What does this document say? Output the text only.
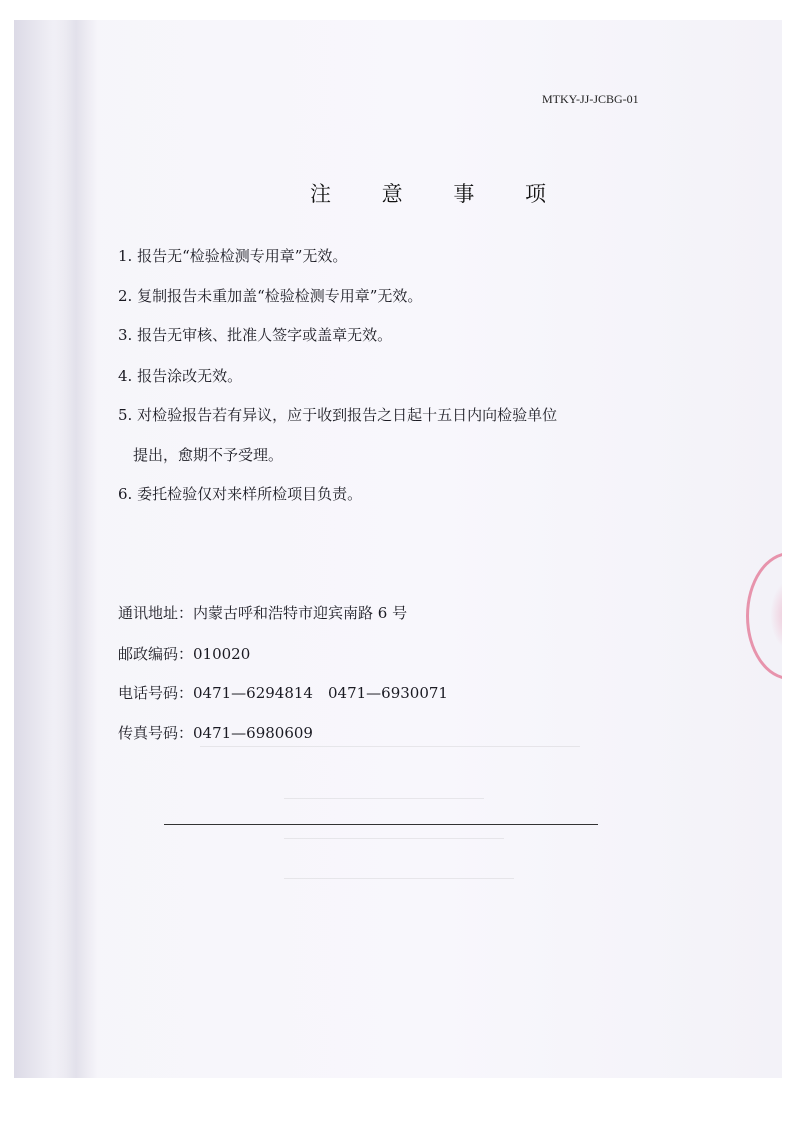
MTKY-JJ-JCBG-01
注 意 事 项
1. 报告无“检验检测专用章”无效。
2. 复制报告未重加盖“检验检测专用章”无效。
3. 报告无审核、批准人签字或盖章无效。
4. 报告涂改无效。
5. 对检验报告若有异议，应于收到报告之日起十五日内向检验单位
提出，愈期不予受理。
6. 委托检验仅对来样所检项目负责。
通讯地址：内蒙古呼和浩特市迎宾南路 6 号
邮政编码：010020
电话号码：0471—6294814　0471—6930071
传真号码：0471—6980609
